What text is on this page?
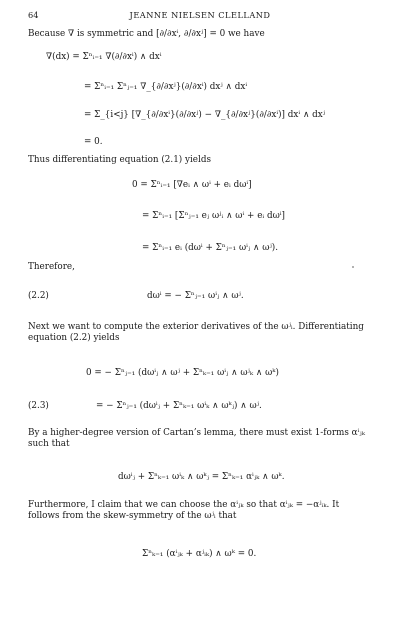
64	JEANNE NIELSEN CLELLAND
Because ∇ is symmetric and [∂/∂xⁱ, ∂/∂xʲ] = 0 we have
∇(dx) = Σⁿᵢ₌₁ ∇(∂/∂xⁱ) ∧ dxⁱ
= Σⁿᵢ₌₁ Σⁿⱼ₌₁ ∇_{∂/∂xʲ}(∂/∂xⁱ) dxʲ ∧ dxⁱ
= Σ_{i<j} [∇_{∂/∂xⁱ}(∂/∂xʲ) − ∇_{∂/∂xʲ}(∂/∂xⁱ)] dxⁱ ∧ dxʲ
= 0.
Thus differentiating equation (2.1) yields
0 = Σⁿᵢ₌₁ [∇eᵢ ∧ ωⁱ + eᵢ dωⁱ]
= Σⁿᵢ₌₁ [Σⁿⱼ₌₁ eⱼ ωʲᵢ ∧ ωⁱ + eᵢ dωⁱ]
= Σⁿᵢ₌₁ eᵢ (dωⁱ + Σⁿⱼ₌₁ ωⁱⱼ ∧ ωʲ).
Therefore,
(2.2)	dωⁱ = − Σⁿⱼ₌₁ ωⁱⱼ ∧ ωʲ.
Next we want to compute the exterior derivatives of the ωʲᵢ. Differentiating
equation (2.2) yields
0 = − Σⁿⱼ₌₁ (dωⁱⱼ ∧ ωʲ + Σⁿₖ₌₁ ωⁱⱼ ∧ ωʲₖ ∧ ωᵏ)
(2.3)	= − Σⁿⱼ₌₁ (dωⁱⱼ + Σⁿₖ₌₁ ωⁱₖ ∧ ωᵏⱼ) ∧ ωʲ.
By a higher-degree version of Cartan’s lemma, there must exist 1-forms αⁱⱼₖ
such that
dωⁱⱼ + Σⁿₖ₌₁ ωⁱₖ ∧ ωᵏⱼ = Σⁿₖ₌₁ αⁱⱼₖ ∧ ωᵏ.
Furthermore, I claim that we can choose the αⁱⱼₖ so that αⁱⱼₖ = −αʲᵢₖ. It
follows from the skew-symmetry of the ωʲᵢ that
Σⁿₖ₌₁ (αⁱⱼₖ + αʲᵢₖ) ∧ ωᵏ = 0.
